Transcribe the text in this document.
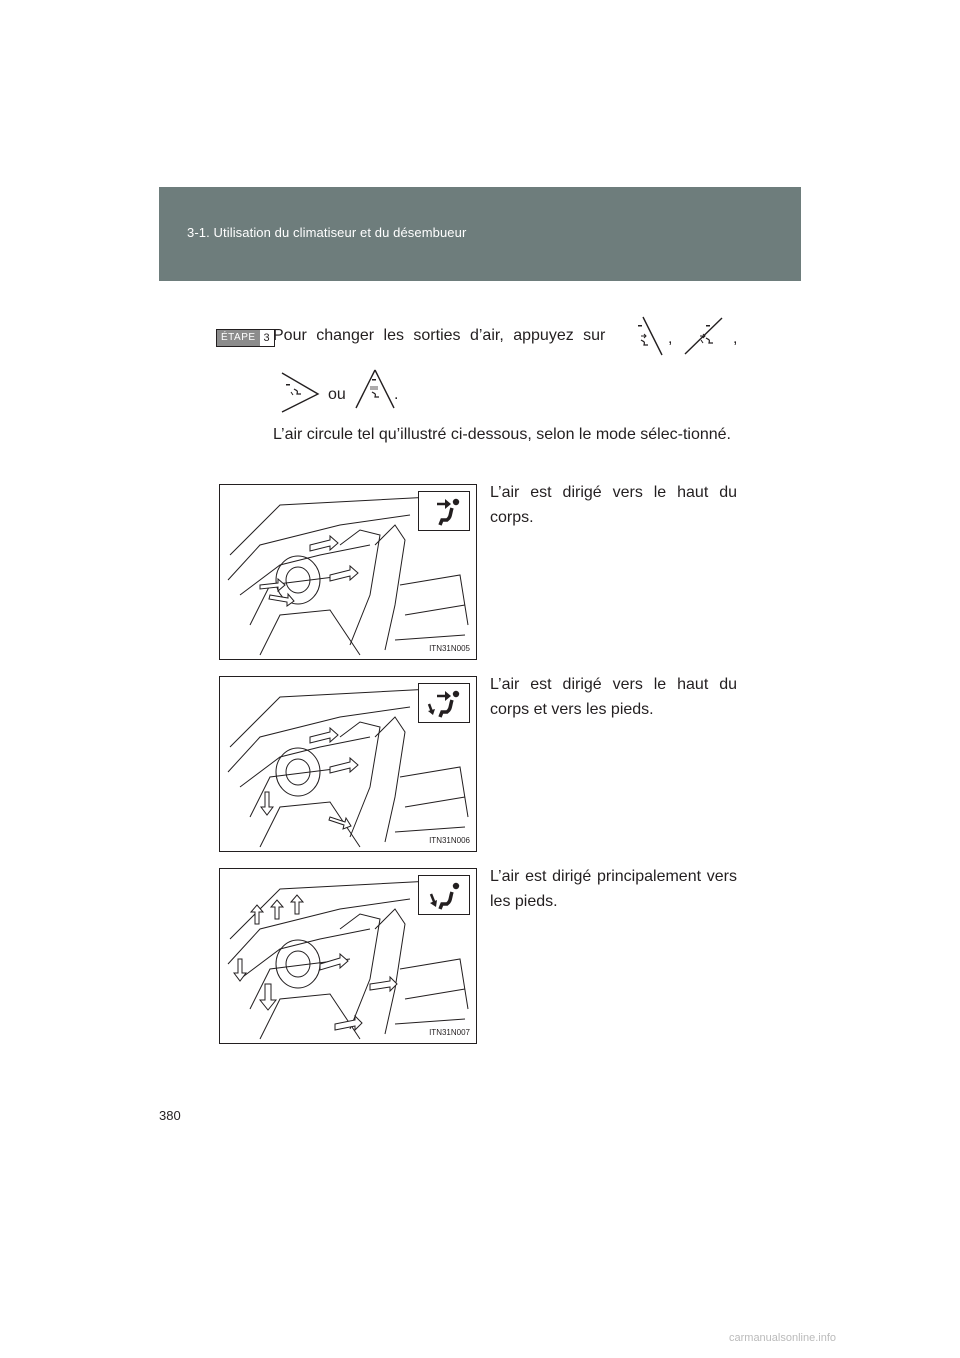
3-1. Utilisation du climatiseur et du désembueur
ÉTAPE 3 Pour changer les sorties d’air, appuyez sur	,	,
ou	.
L’air circule tel qu’illustré ci-dessous, selon le mode sélec-tionné.
ITN31N005
L’air est dirigé vers le haut du corps.
ITN31N006
L’air est dirigé vers le haut du corps et vers les pieds.
ITN31N007
L’air est dirigé principalement vers les pieds.
380
carmanualsonline.info
